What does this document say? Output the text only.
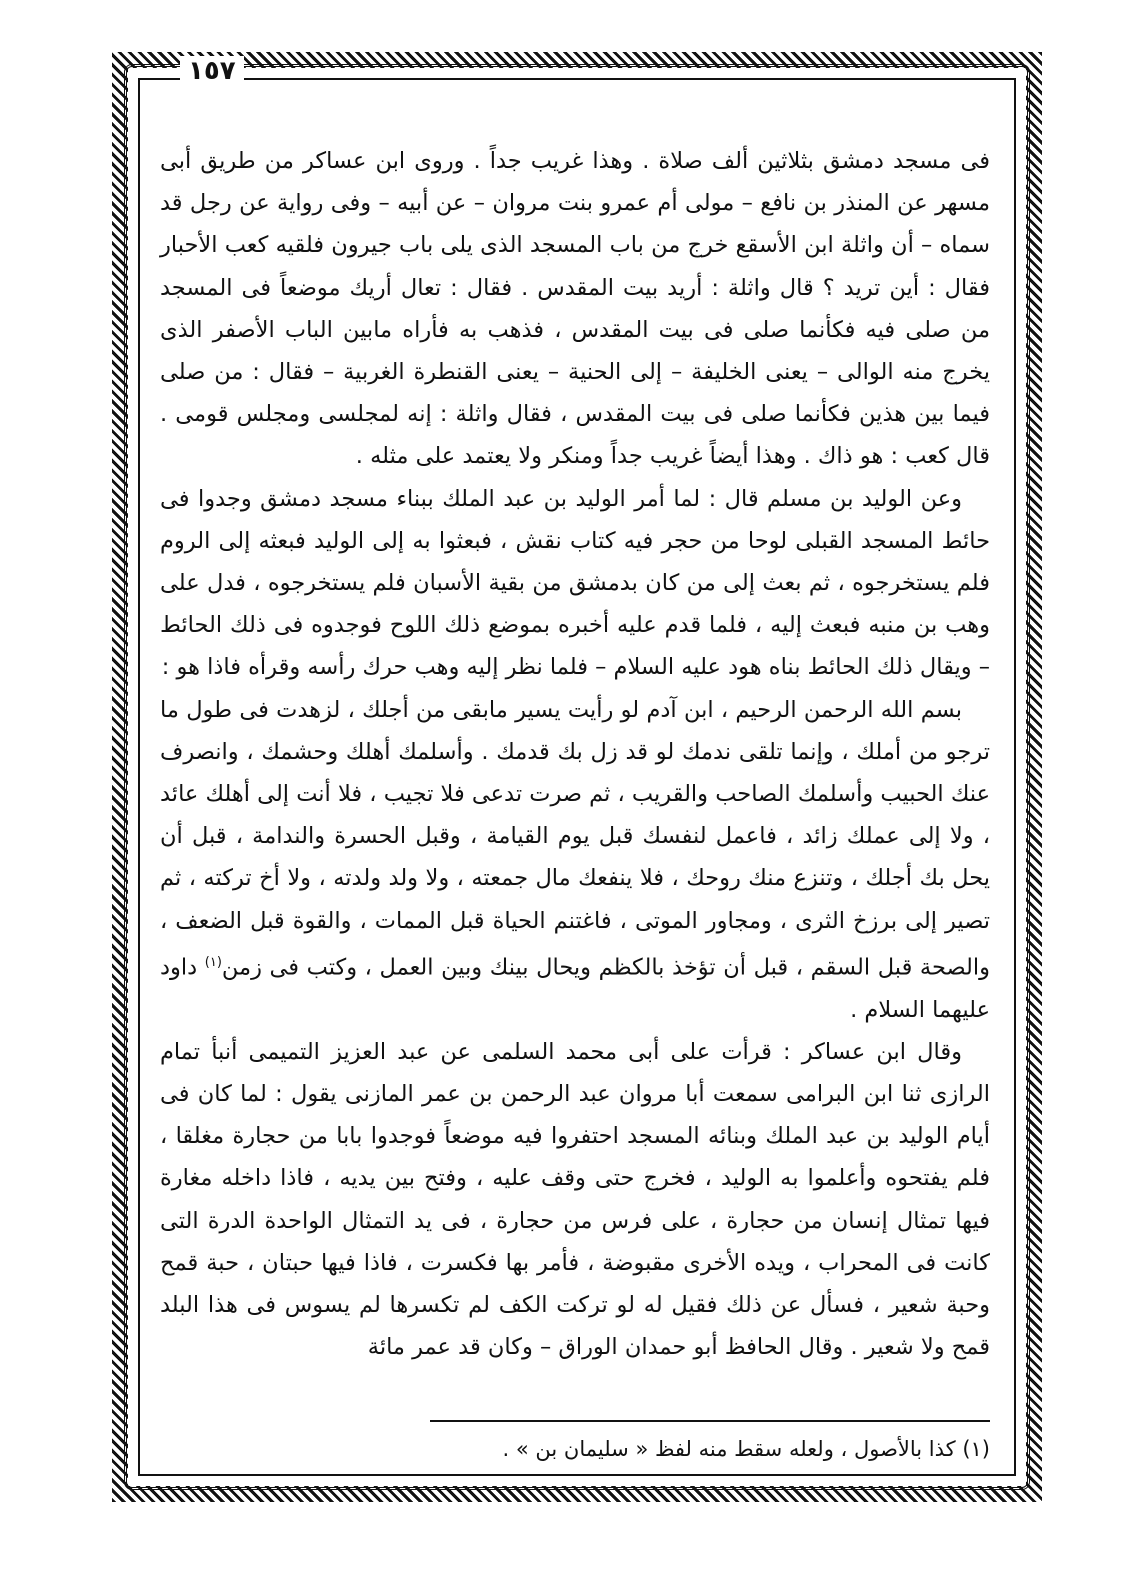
١٥٧

فى مسجد دمشق بثلاثين ألف صلاة . وهذا غريب جداً . وروى ابن عساكر من طريق أبى مسهر عن المنذر بن نافع – مولى أم عمرو بنت مروان – عن أبيه – وفى رواية عن رجل قد سماه – أن واثلة ابن الأسقع خرج من باب المسجد الذى يلى باب جيرون فلقيه كعب الأحبار فقال : أين تريد ؟ قال واثلة : أريد بيت المقدس . فقال : تعال أريك موضعاً فى المسجد من صلى فيه فكأنما صلى فى بيت المقدس ، فذهب به فأراه مابين الباب الأصفر الذى يخرج منه الوالى – يعنى الخليفة – إلى الحنية – يعنى القنطرة الغربية – فقال : من صلى فيما بين هذين فكأنما صلى فى بيت المقدس ، فقال واثلة : إنه لمجلسى ومجلس قومى . قال كعب : هو ذاك . وهذا أيضاً غريب جداً ومنكر ولا يعتمد على مثله .

وعن الوليد بن مسلم قال : لما أمر الوليد بن عبد الملك ببناء مسجد دمشق وجدوا فى حائط المسجد القبلى لوحا من حجر فيه كتاب نقش ، فبعثوا به إلى الوليد فبعثه إلى الروم فلم يستخرجوه ، ثم بعث إلى من كان بدمشق من بقية الأسبان فلم يستخرجوه ، فدل على وهب بن منبه فبعث إليه ، فلما قدم عليه أخبره بموضع ذلك اللوح فوجدوه فى ذلك الحائط – ويقال ذلك الحائط بناه هود عليه السلام – فلما نظر إليه وهب حرك رأسه وقرأه فاذا هو :

بسم الله الرحمن الرحيم ، ابن آدم لو رأيت يسير مابقى من أجلك ، لزهدت فى طول ما ترجو من أملك ، وإنما تلقى ندمك لو قد زل بك قدمك . وأسلمك أهلك وحشمك ، وانصرف عنك الحبيب وأسلمك الصاحب والقريب ، ثم صرت تدعى فلا تجيب ، فلا أنت إلى أهلك عائد ، ولا إلى عملك زائد ، فاعمل لنفسك قبل يوم القيامة ، وقبل الحسرة والندامة ، قبل أن يحل بك أجلك ، وتنزع منك روحك ، فلا ينفعك مال جمعته ، ولا ولد ولدته ، ولا أخ تركته ، ثم تصير إلى برزخ الثرى ، ومجاور الموتى ، فاغتنم الحياة قبل الممات ، والقوة قبل الضعف ، والصحة قبل السقم ، قبل أن تؤخذ بالكظم ويحال بينك وبين العمل ، وكتب فى زمن$^{(١)}$ داود عليهما السلام .

وقال ابن عساكر : قرأت على أبى محمد السلمى عن عبد العزيز التميمى أنبأ تمام الرازى ثنا ابن البرامى سمعت أبا مروان عبد الرحمن بن عمر المازنى يقول : لما كان فى أيام الوليد بن عبد الملك وبنائه المسجد احتفروا فيه موضعاً فوجدوا بابا من حجارة مغلقا ، فلم يفتحوه وأعلموا به الوليد ، فخرج حتى وقف عليه ، وفتح بين يديه ، فاذا داخله مغارة فيها تمثال إنسان من حجارة ، على فرس من حجارة ، فى يد التمثال الواحدة الدرة التى كانت فى المحراب ، ويده الأخرى مقبوضة ، فأمر بها فكسرت ، فاذا فيها حبتان ، حبة قمح وحبة شعير ، فسأل عن ذلك فقيل له لو تركت الكف لم تكسرها لم يسوس فى هذا البلد قمح ولا شعير . وقال الحافظ أبو حمدان الوراق – وكان قد عمر مائة

(١) كذا بالأصول ، ولعله سقط منه لفظ « سليمان بن » .
